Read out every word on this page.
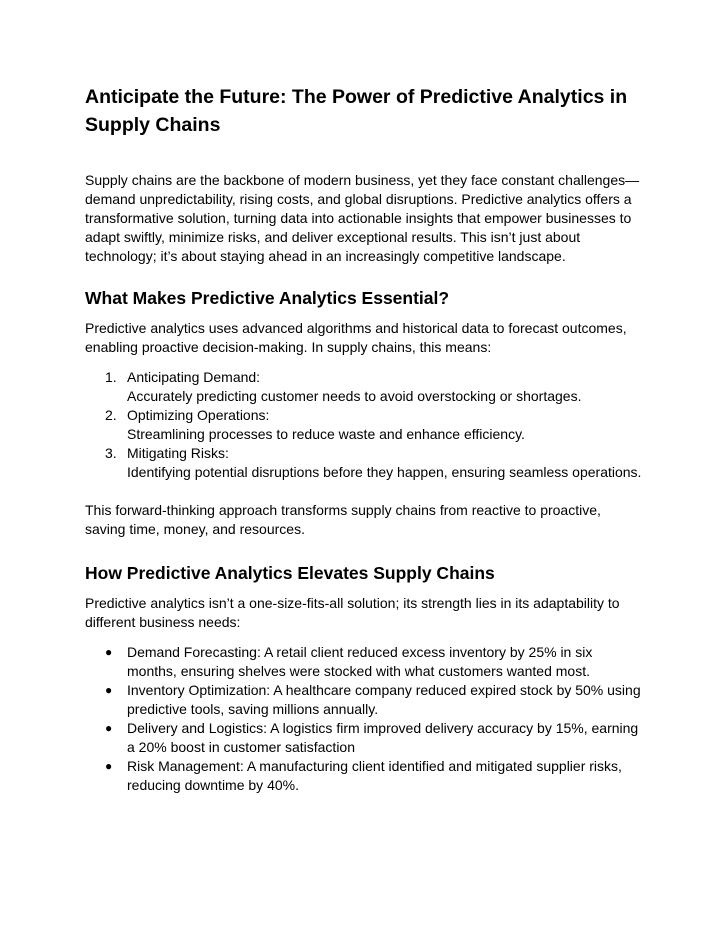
Anticipate the Future: The Power of Predictive Analytics in Supply Chains

Supply chains are the backbone of modern business, yet they face constant challenges—demand unpredictability, rising costs, and global disruptions. Predictive analytics offers a transformative solution, turning data into actionable insights that empower businesses to adapt swiftly, minimize risks, and deliver exceptional results. This isn’t just about technology; it’s about staying ahead in an increasingly competitive landscape.

What Makes Predictive Analytics Essential?

Predictive analytics uses advanced algorithms and historical data to forecast outcomes, enabling proactive decision-making. In supply chains, this means:

1. Anticipating Demand:
Accurately predicting customer needs to avoid overstocking or shortages.
2. Optimizing Operations:
Streamlining processes to reduce waste and enhance efficiency.
3. Mitigating Risks:
Identifying potential disruptions before they happen, ensuring seamless operations.

This forward-thinking approach transforms supply chains from reactive to proactive, saving time, money, and resources.

How Predictive Analytics Elevates Supply Chains

Predictive analytics isn’t a one-size-fits-all solution; its strength lies in its adaptability to different business needs:

● Demand Forecasting: A retail client reduced excess inventory by 25% in six months, ensuring shelves were stocked with what customers wanted most.
● Inventory Optimization: A healthcare company reduced expired stock by 50% using predictive tools, saving millions annually.
● Delivery and Logistics: A logistics firm improved delivery accuracy by 15%, earning a 20% boost in customer satisfaction
● Risk Management: A manufacturing client identified and mitigated supplier risks, reducing downtime by 40%.
